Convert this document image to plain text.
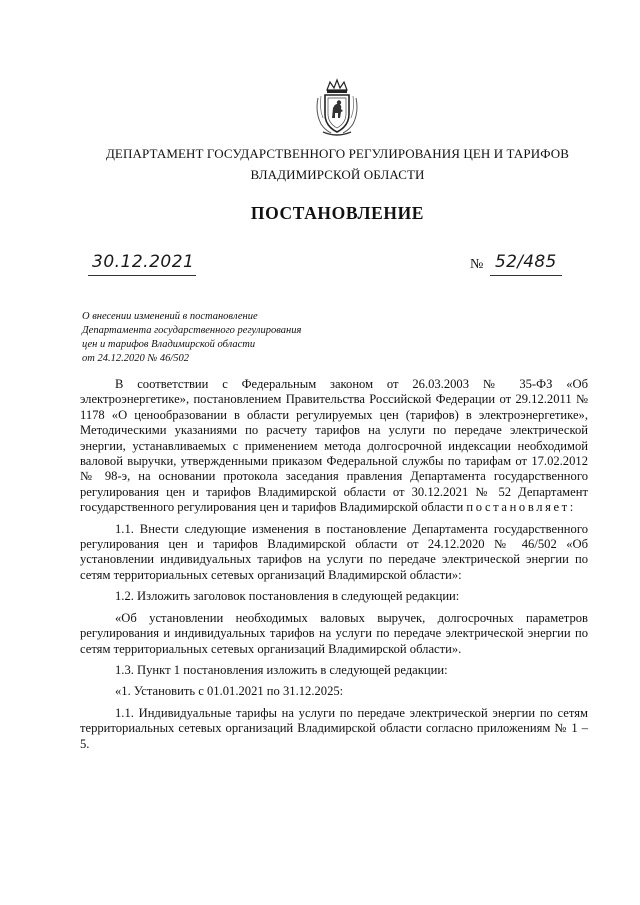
ДЕПАРТАМЕНТ ГОСУДАРСТВЕННОГО РЕГУЛИРОВАНИЯ ЦЕН И ТАРИФОВ
ВЛАДИМИРСКОЙ ОБЛАСТИ
ПОСТАНОВЛЕНИЕ
30.12.2021	№ 52/485
О внесении изменений в постановление
Департамента государственного регулирования
цен и тарифов Владимирской области
от 24.12.2020 № 46/502

В соответствии с Федеральным законом от 26.03.2003 № 35-ФЗ «Об электроэнергетике», постановлением Правительства Российской Федерации от 29.12.2011 № 1178 «О ценообразовании в области регулируемых цен (тарифов) в электроэнергетике», Методическими указаниями по расчету тарифов на услуги по передаче электрической энергии, устанавливаемых с применением метода долгосрочной индексации необходимой валовой выручки, утвержденными приказом Федеральной службы по тарифам от 17.02.2012 № 98-э, на основании протокола заседания правления Департамента государственного регулирования цен и тарифов Владимирской области от 30.12.2021 № 52 Департамент государственного регулирования цен и тарифов Владимирской области постановляет:

1.1. Внести следующие изменения в постановление Департамента государственного регулирования цен и тарифов Владимирской области от 24.12.2020 № 46/502 «Об установлении индивидуальных тарифов на услуги по передаче электрической энергии по сетям территориальных сетевых организаций Владимирской области»:

1.2. Изложить заголовок постановления в следующей редакции:

«Об установлении необходимых валовых выручек, долгосрочных параметров регулирования и индивидуальных тарифов на услуги по передаче электрической энергии по сетям территориальных сетевых организаций Владимирской области».

1.3. Пункт 1 постановления изложить в следующей редакции:

«1. Установить с 01.01.2021 по 31.12.2025:

1.1. Индивидуальные тарифы на услуги по передаче электрической энергии по сетям территориальных сетевых организаций Владимирской области согласно приложениям № 1 – 5.
